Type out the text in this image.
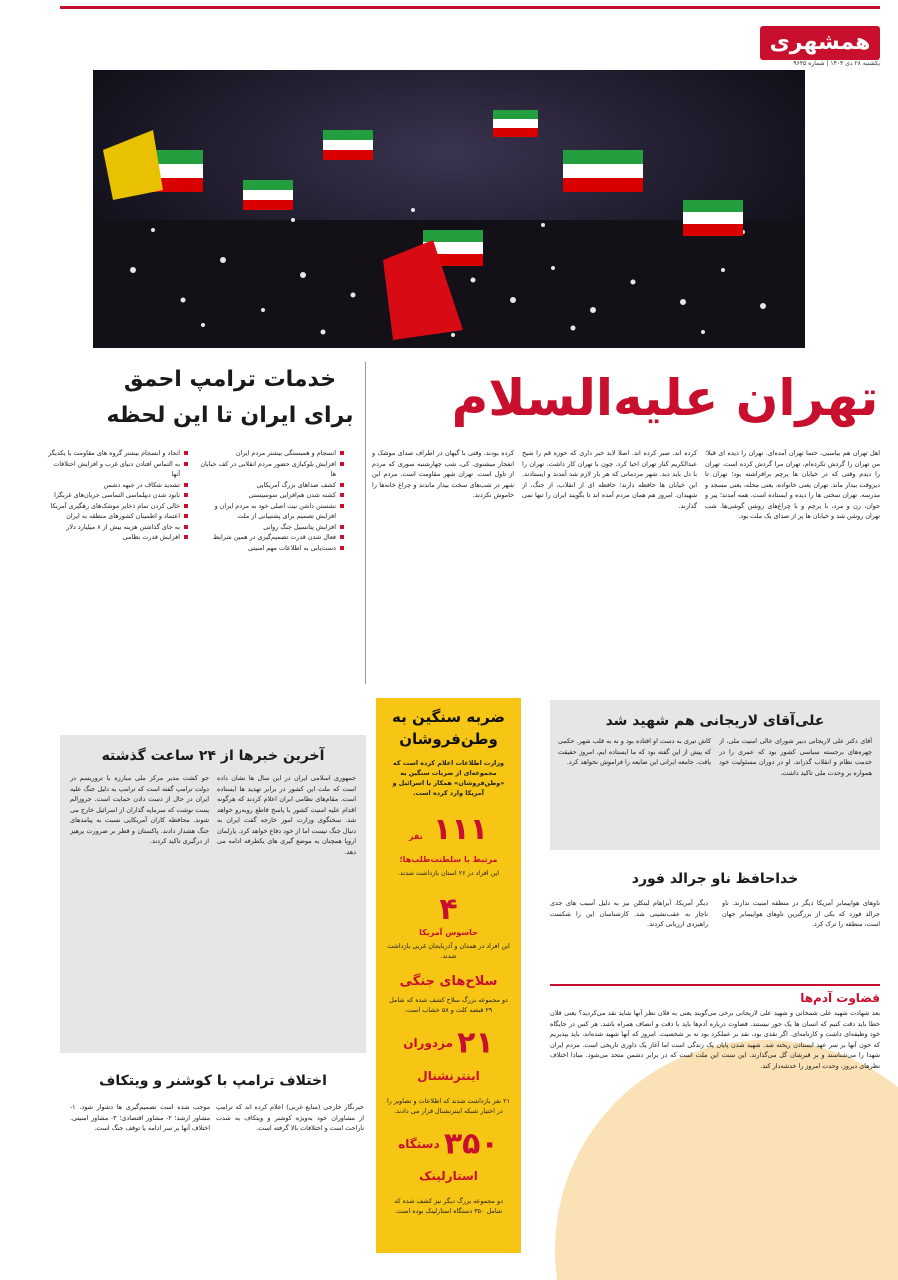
همشهری
یکشنبه ۲۸ دی ۱۴۰۴ | شماره ۹۶۴۵
تهران علیه‌السلام
خدمات ترامپ احمق
برای ایران تا این لحظه
اهل تهران هم بیاسبی، حتما تهران آمده‌ای. تهران را دیده ای قبلا؛ من تهران را گردش نکرده‌ام، تهران مرا گردش کرده است. تهران را دیدم وقتی که در خیابان ها پرچم برافراشته بود؛ تهران تا دیروقت بیدار ماند. تهران یعنی خانواده، یعنی محله، یعنی مسجد و مدرسه. تهران سختی ها را دیده و ایستاده است. همه آمدند؛ پیر و جوان، زن و مرد، با پرچم و با چراغ‌های روشن گوشی‌ها. شب تهران روشن شد و خیابان ها پر از صدای یک ملت بود.
کرده اند، صبر کرده اند. اصلا لابد خبر داری که حوزه قم را شیخ عبدالکریم کنار تهران احیا کرد. چون با تهران کار داشت. تهران را با دل باید دید. شهر مردمانی که هر بار لازم شد آمدند و ایستادند. این خیابان ها حافظه دارند؛ حافظه ای از انقلاب، از جنگ، از شهیدان. امروز هم همان مردم آمده اند تا بگویند ایران را تنها نمی گذارند.
کرده بودند، وقتی با گیهان در اطراف صدای موشک و انفجار میشنوی. کی، شب چهارشنبه سوری که مردم از تاول است. تهران شهر مقاومت است. مردم این شهر در شب‌های سخت بیدار ماندند و چراغ خانه‌ها را خاموش نکردند.
انسجام و همبستگی بیشتر مردم ایران
افزایش بلوکبازی حضور مردم انقلابی در کف خیابان ها
کشف صداهای بزرگ آمریکایی
کشته شدن هم‌افزایی سوسیستی
نشستن داشن نیت اصلی خود به مردم ایران و افزایش تصمیم برای پشتیبانی از ملت
افزایش پتانسیل جنگ روانی
فعال شدن قدرت تصمیم‌گیری در همین شرایط
دست‌یابی به اطلاعات مهم امنیتی
اتحاد و انسجام بیشتر گروه های مقاومت با یکدیگر
به التماس افتادن دنیای غرب و افزایش اختلافات آنها
تشدید شکاف در جبهه دشمن
نابود شدن دیپلماسی التماسی جریان‌های غربگرا
خالی کردن تمام ذخایر موشک‌های رهگیری آمریکا
اعتماد و اطمینان کشورهای منطقه به ایران
به جای گذاشتن هزینه بیش از ۸ میلیارد دلار
افزایش قدرت نظامی
ضربه سنگین به وطن‌فروشان
وزارت اطلاعات اعلام کرده است که مجموعه‌ای از ضربات سنگین به «وطن‌فروشان» همکار با اسرائیل و آمریکا وارد کرده است.
۱۱۱ نفر
مرتبط با سلطنت‌طلب‌ها؛
این افراد در ۲۶ استان بازداشت شدند.
۴
جاسوس آمریکا
این افراد در همدان و آذربایجان غربی بازداشت شدند.
سلاح‌های جنگی
دو مجموعه بزرگ سلاح کشف شده که شامل ۲۹ قبضه کلت و ۵۸ خشاب است.
۲۱ مزدوران اینترنشنال
۲۱ نفر بازداشت شدند که اطلاعات و تصاویر را در اختیار شبکه اینترنشنال قرار می دادند.
۳۵۰ دستگاه استارلینک
دو مجموعه بزرگ دیگر نیز کشف شده که شامل ۳۵۰ دستگاه استارلینک بوده است.
آخرین خبرها از ۲۴ ساعت گذشته
جمهوری اسلامی ایران در این سال ها نشان داده است که ملت این کشور در برابر تهدید ها ایستاده است. مقام‌های نظامی ایران اعلام کردند که هرگونه اقدام علیه امنیت کشور با پاسخ قاطع روبه‌رو خواهد شد. سخنگوی وزارت امور خارجه گفت ایران به دنبال جنگ نیست اما از خود دفاع خواهد کرد. پارلمان اروپا همچنان به موضع گیری های یکطرفه ادامه می دهد.
جو کشت مدیر مرکز ملی مبارزه با تروریسم در دولت ترامپ گفته است که ترامپ به دلیل جنگ علیه ایران در حال از دست دادن حمایت است. جروزالم پست نوشت که سرمایه گذاران از اسرائیل خارج می شوند. محافظه کاران آمریکایی نسبت به پیامدهای جنگ هشدار دادند. پاکستان و قطر بر ضرورت پرهیز از درگیری تاکید کردند.
اختلاف ترامپ با کوشنر و ویتکاف
موجب شده است تصمیم‌گیری ها دشوار شود. ۱- مشاور ارشد؛ ۲- مشاور اقتصادی؛ ۳- مشاور امنیتی. اختلاف آنها بر سر ادامه یا توقف جنگ است.
خبرنگار خارجی (منابع غربی) اعلام کرده اند که ترامپ از مشاوران خود به‌ویژه کوشنر و ویتکاف به شدت ناراحت است و اختلافات بالا گرفته است.
علی‌آقای لاریجانی هم شهید شد
آقای دکتر علی لاریجانی دبیر شورای عالی امنیت ملی، از چهره‌های برجسته سیاسی کشور بود که عمری را در خدمت نظام و انقلاب گذراند. او در دوران مسئولیت خود همواره بر وحدت ملی تاکید داشت.
کاش تیری به دست او افتاده بود و نه به قلب شهر. حکمی که پیش از این گفته بود که ما ایستاده ایم، امروز حقیقت یافت. جامعه ایرانی این ضایعه را فراموش نخواهد کرد.
خداحافظ ناو جرالد فورد
ناوهای هواپیمابر آمریکا دیگر در منطقه امنیت ندارند. ناو جرالد فورد که یکی از بزرگترین ناوهای هواپیمابر جهان است، منطقه را ترک کرد.
دیگر آمریکا، آبراهام لینکلن نیز به دلیل آسیب های جدی ناچار به عقب‌نشینی شد. کارشناسان این را شکست راهبردی ارزیابی کردند.
قضاوت آدم‌ها
بعد شهادت شهید علی شمخانی و شهید علی لاریجانی برخی می‌گویند یعنی به فلان نظر آنها شاید نقد می‌کردید؟ یعنی فلان خطا باید دقت کنیم که انسان ها یک جور نیستند. قضاوت درباره آدم‌ها باید با دقت و انصاف همراه باشد. هر کس در جایگاه خود وظیفه‌ای داشت و کارنامه‌ای. اگر نقدی بود، نقد بر عملکرد بود نه بر شخصیت. امروز که آنها شهید شده‌اند، باید بپذیریم که خون آنها بر سر عهد ایستادن ریخته شد. شهید شدن پایان یک زندگی است اما آغاز یک داوری تاریخی است. مردم ایران شهدا را می‌شناسند و بر قبرشان گل می‌گذارند. این سنت این ملت است که در برابر دشمن متحد می‌شود. مبادا اختلاف نظرهای دیروز، وحدت امروز را خدشه‌دار کند.
